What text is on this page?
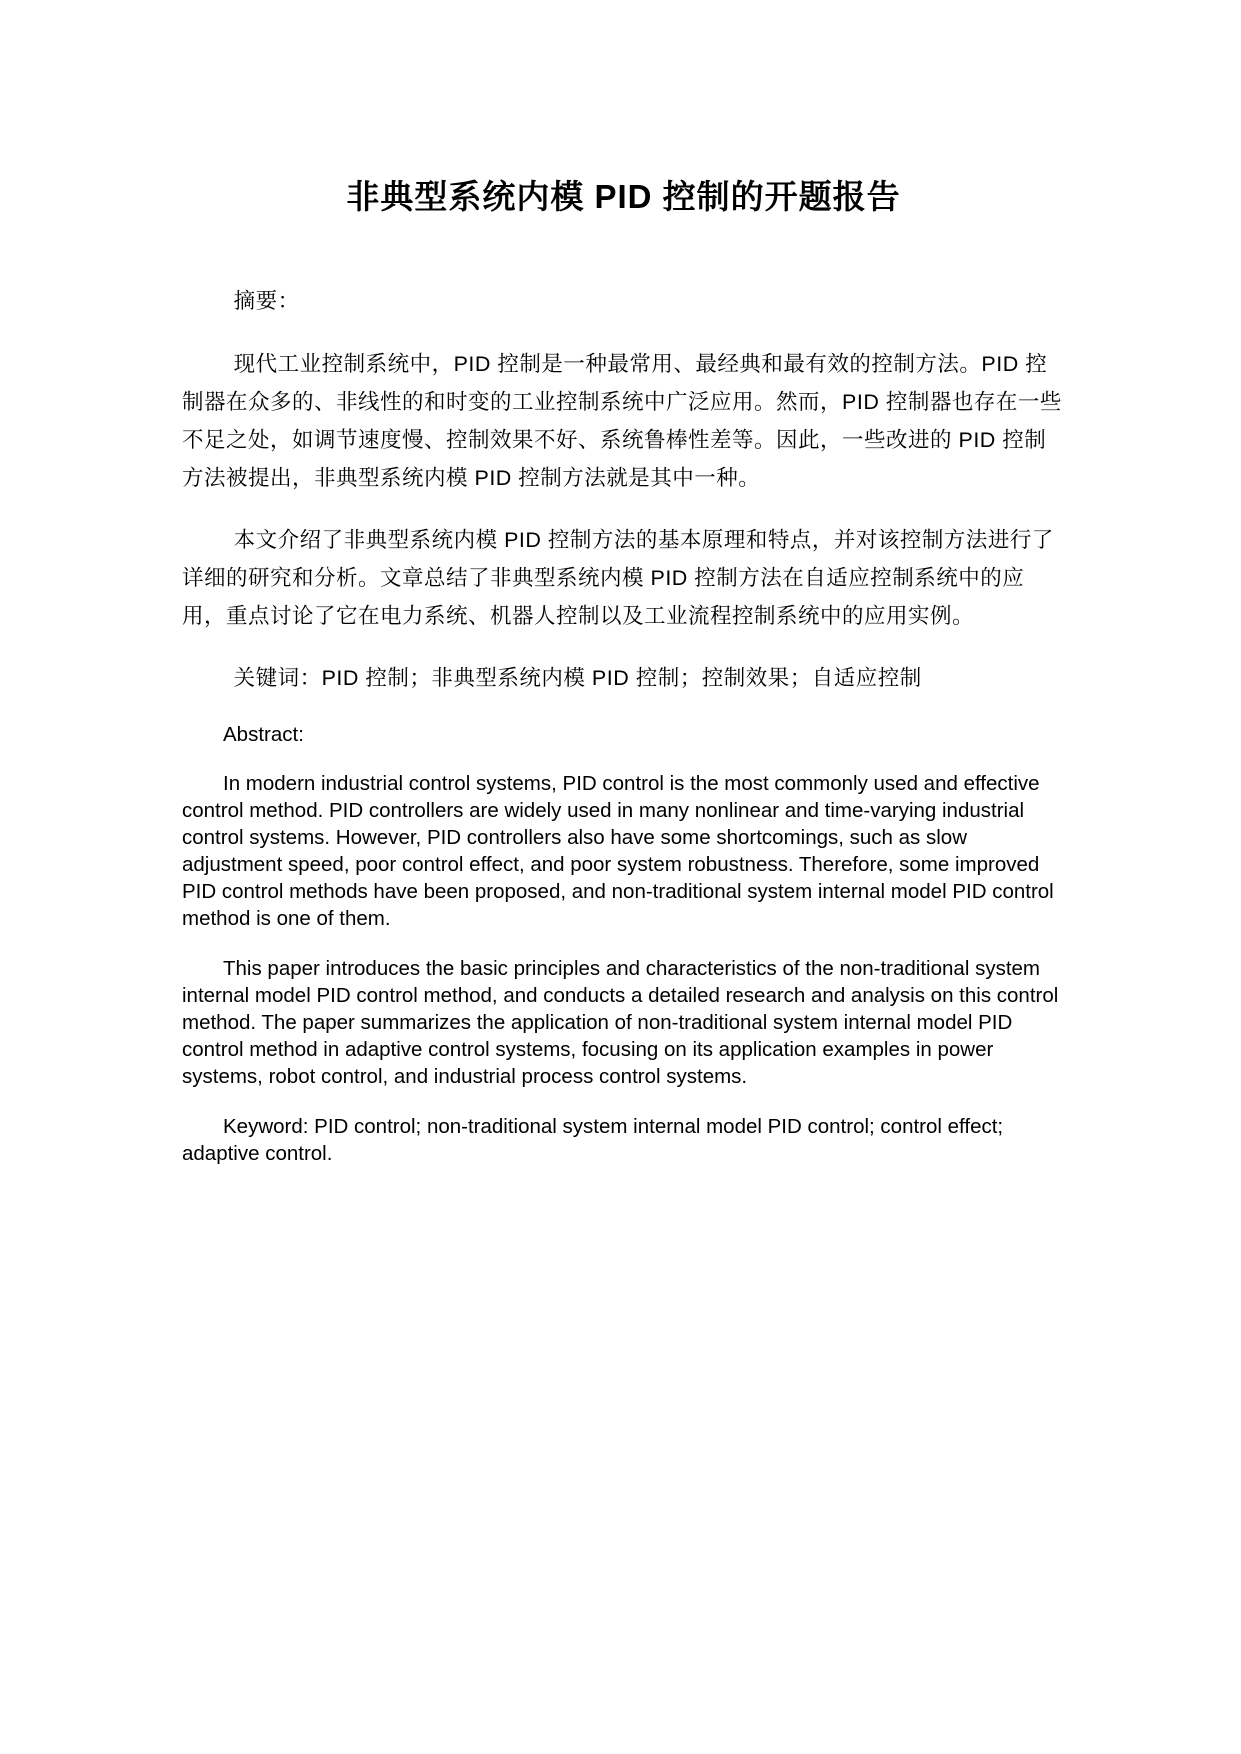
非典型系统内模 PID 控制的开题报告

摘要：

现代工业控制系统中，PID 控制是一种最常用、最经典和最有效的控制方法。PID 控制器在众多的、非线性的和时变的工业控制系统中广泛应用。然而，PID 控制器也存在一些不足之处，如调节速度慢、控制效果不好、系统鲁棒性差等。因此，一些改进的 PID 控制方法被提出，非典型系统内模 PID 控制方法就是其中一种。

本文介绍了非典型系统内模 PID 控制方法的基本原理和特点，并对该控制方法进行了详细的研究和分析。文章总结了非典型系统内模 PID 控制方法在自适应控制系统中的应用，重点讨论了它在电力系统、机器人控制以及工业流程控制系统中的应用实例。

关键词：PID 控制；非典型系统内模 PID 控制；控制效果；自适应控制

Abstract:

In modern industrial control systems, PID control is the most commonly used and effective control method. PID controllers are widely used in many nonlinear and time-varying industrial control systems. However, PID controllers also have some shortcomings, such as slow adjustment speed, poor control effect, and poor system robustness. Therefore, some improved PID control methods have been proposed, and non-traditional system internal model PID control method is one of them.

This paper introduces the basic principles and characteristics of the non-traditional system internal model PID control method, and conducts a detailed research and analysis on this control method. The paper summarizes the application of non-traditional system internal model PID control method in adaptive control systems, focusing on its application examples in power systems, robot control, and industrial process control systems.

Keyword: PID control; non-traditional system internal model PID control; control effect; adaptive control.
